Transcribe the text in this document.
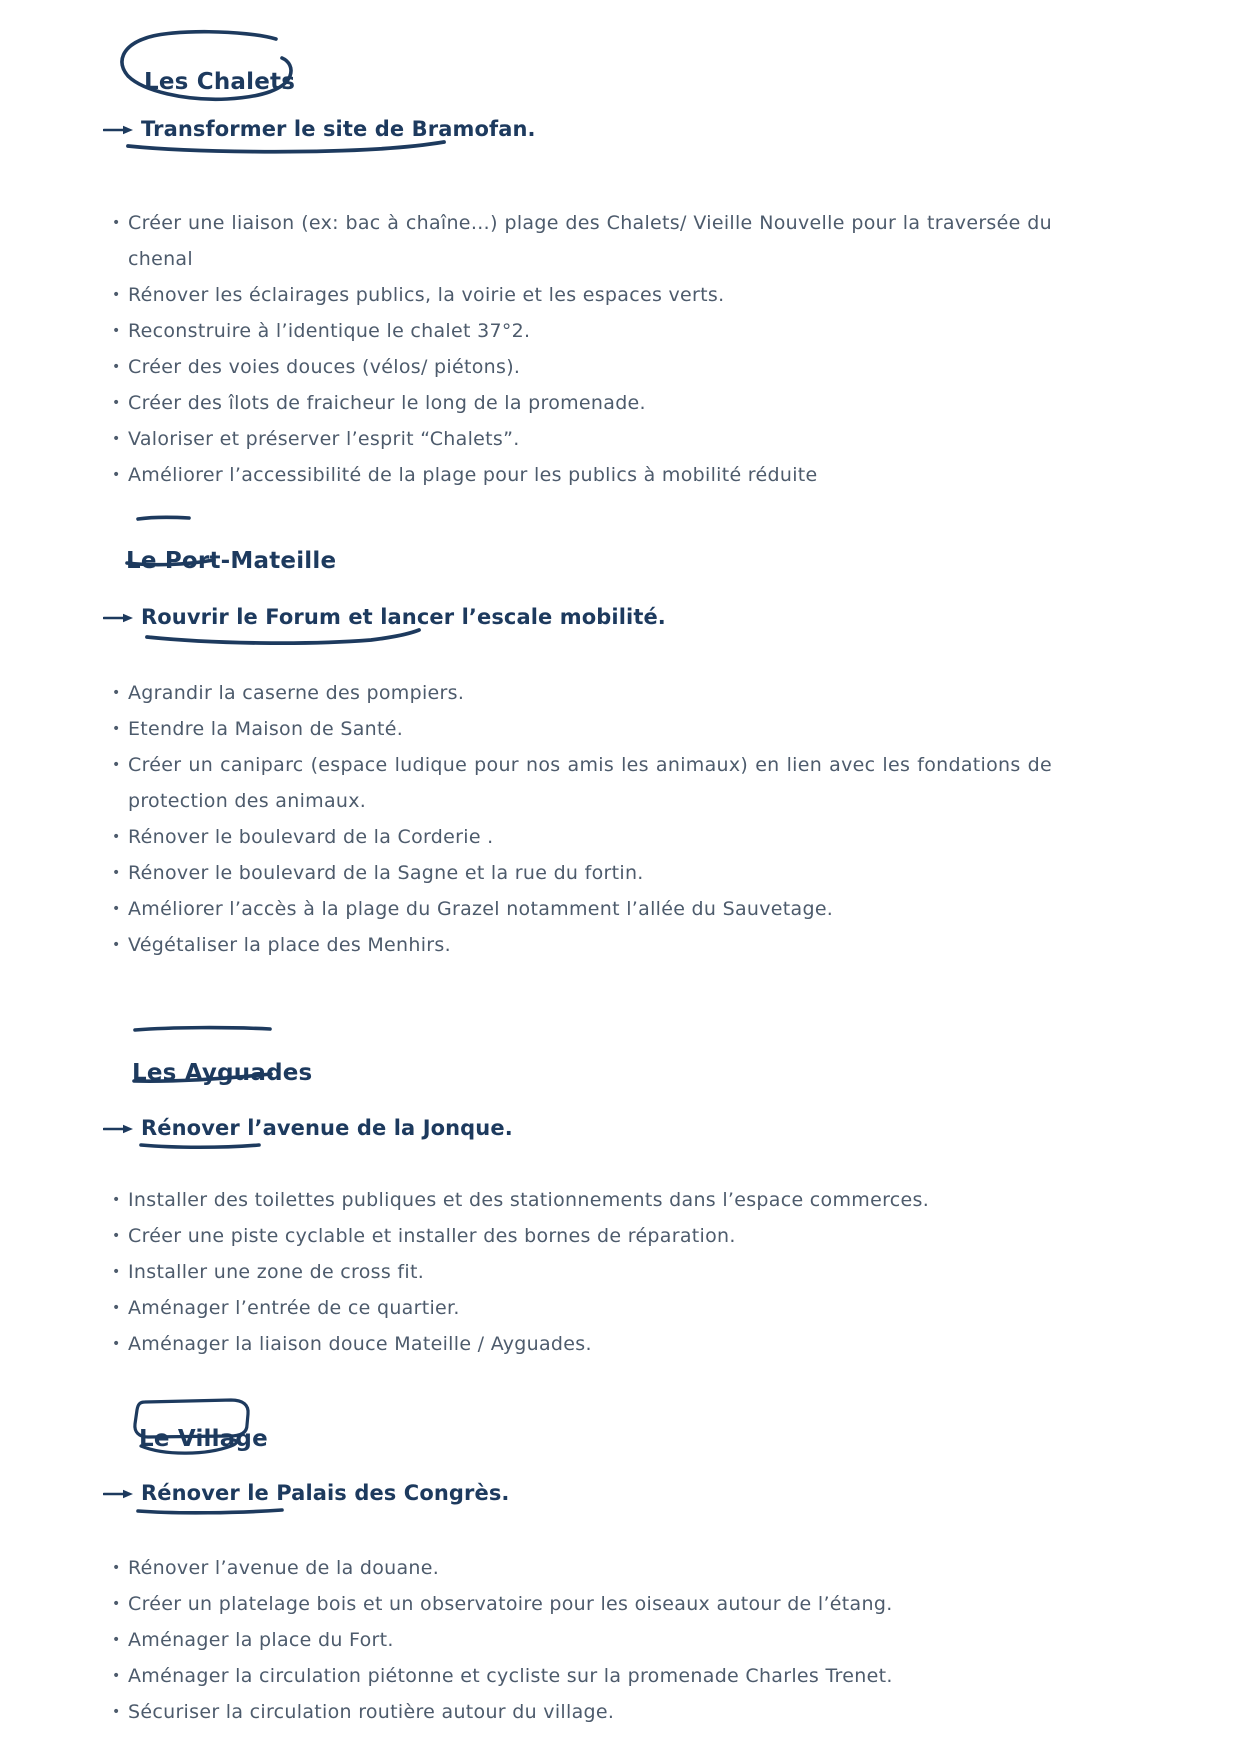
Les Chalets
Transformer le site de Bramofan.
• Créer une liaison (ex: bac à chaîne…) plage des Chalets/ Vieille Nouvelle pour la traversée du chenal
• Rénover les éclairages publics, la voirie et les espaces verts.
• Reconstruire à l’identique le chalet 37°2.
• Créer des voies douces (vélos/ piétons).
• Créer des îlots de fraicheur le long de la promenade.
• Valoriser et préserver l’esprit “Chalets”.
• Améliorer l’accessibilité de la plage pour les publics à mobilité réduite
Le Port-Mateille
Rouvrir le Forum et lancer l’escale mobilité.
• Agrandir la caserne des pompiers.
• Etendre la Maison de Santé.
• Créer un caniparc (espace ludique pour nos amis les animaux) en lien avec les fondations de protection des animaux.
• Rénover le boulevard de la Corderie .
• Rénover le boulevard de la Sagne et la rue du fortin.
• Améliorer l’accès à la plage du Grazel notamment l’allée du Sauvetage.
• Végétaliser la place des Menhirs.
Les Ayguades
Rénover l’avenue de la Jonque.
• Installer des toilettes publiques et des stationnements dans l’espace commerces.
• Créer une piste cyclable et installer des bornes de réparation.
• Installer une zone de cross fit.
• Aménager l’entrée de ce quartier.
• Aménager la liaison douce Mateille / Ayguades.
Le Village
Rénover le Palais des Congrès.
• Rénover l’avenue de la douane.
• Créer un platelage bois et un observatoire pour les oiseaux autour de l’étang.
• Aménager la place du Fort.
• Aménager la circulation piétonne et cycliste sur la promenade Charles Trenet.
• Sécuriser la circulation routière autour du village.
